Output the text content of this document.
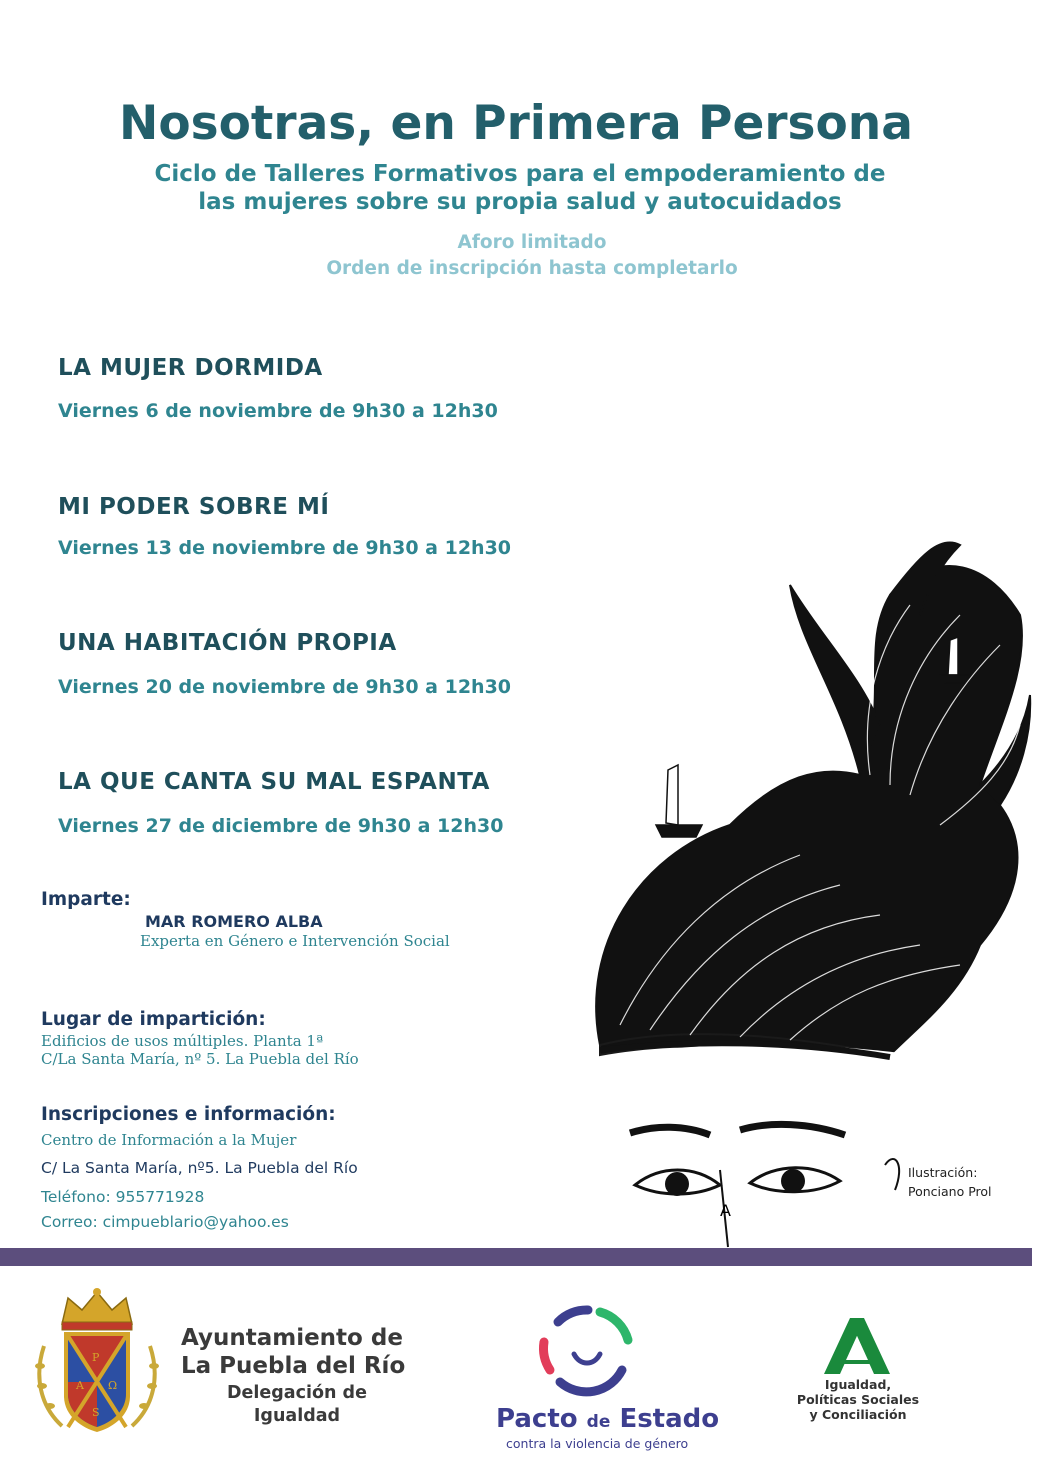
Nosotras, en Primera Persona
Ciclo de Talleres Formativos para el empoderamiento de
las mujeres sobre su propia salud y autocuidados
Aforo limitado
Orden de inscripción hasta completarlo
LA MUJER DORMIDA
Viernes 6 de noviembre de 9h30 a 12h30
MI PODER SOBRE MÍ
Viernes 13 de noviembre de 9h30 a 12h30
UNA HABITACIÓN PROPIA
Viernes 20 de noviembre de 9h30 a 12h30
LA QUE CANTA SU MAL ESPANTA
Viernes 27 de diciembre de 9h30 a 12h30
Imparte:
MAR ROMERO ALBA
Experta en Género e Intervención Social
Lugar de impartición:
Edificios de usos múltiples. Planta 1ª
C/La Santa María, nº 5. La Puebla del Río
Inscripciones e información:
Centro de Información a la Mujer
C/ La Santa María, nº5. La Puebla del Río
Teléfono: 955771928
Correo: cimpueblario@yahoo.es
Ilustración:
Ponciano Prol
P
A Ω
S
Ayuntamiento de
La Puebla del Río
Delegación de
Igualdad	Pacto de Estado
contra la violencia de género
A
Igualdad,
Políticas Sociales
y Conciliación
